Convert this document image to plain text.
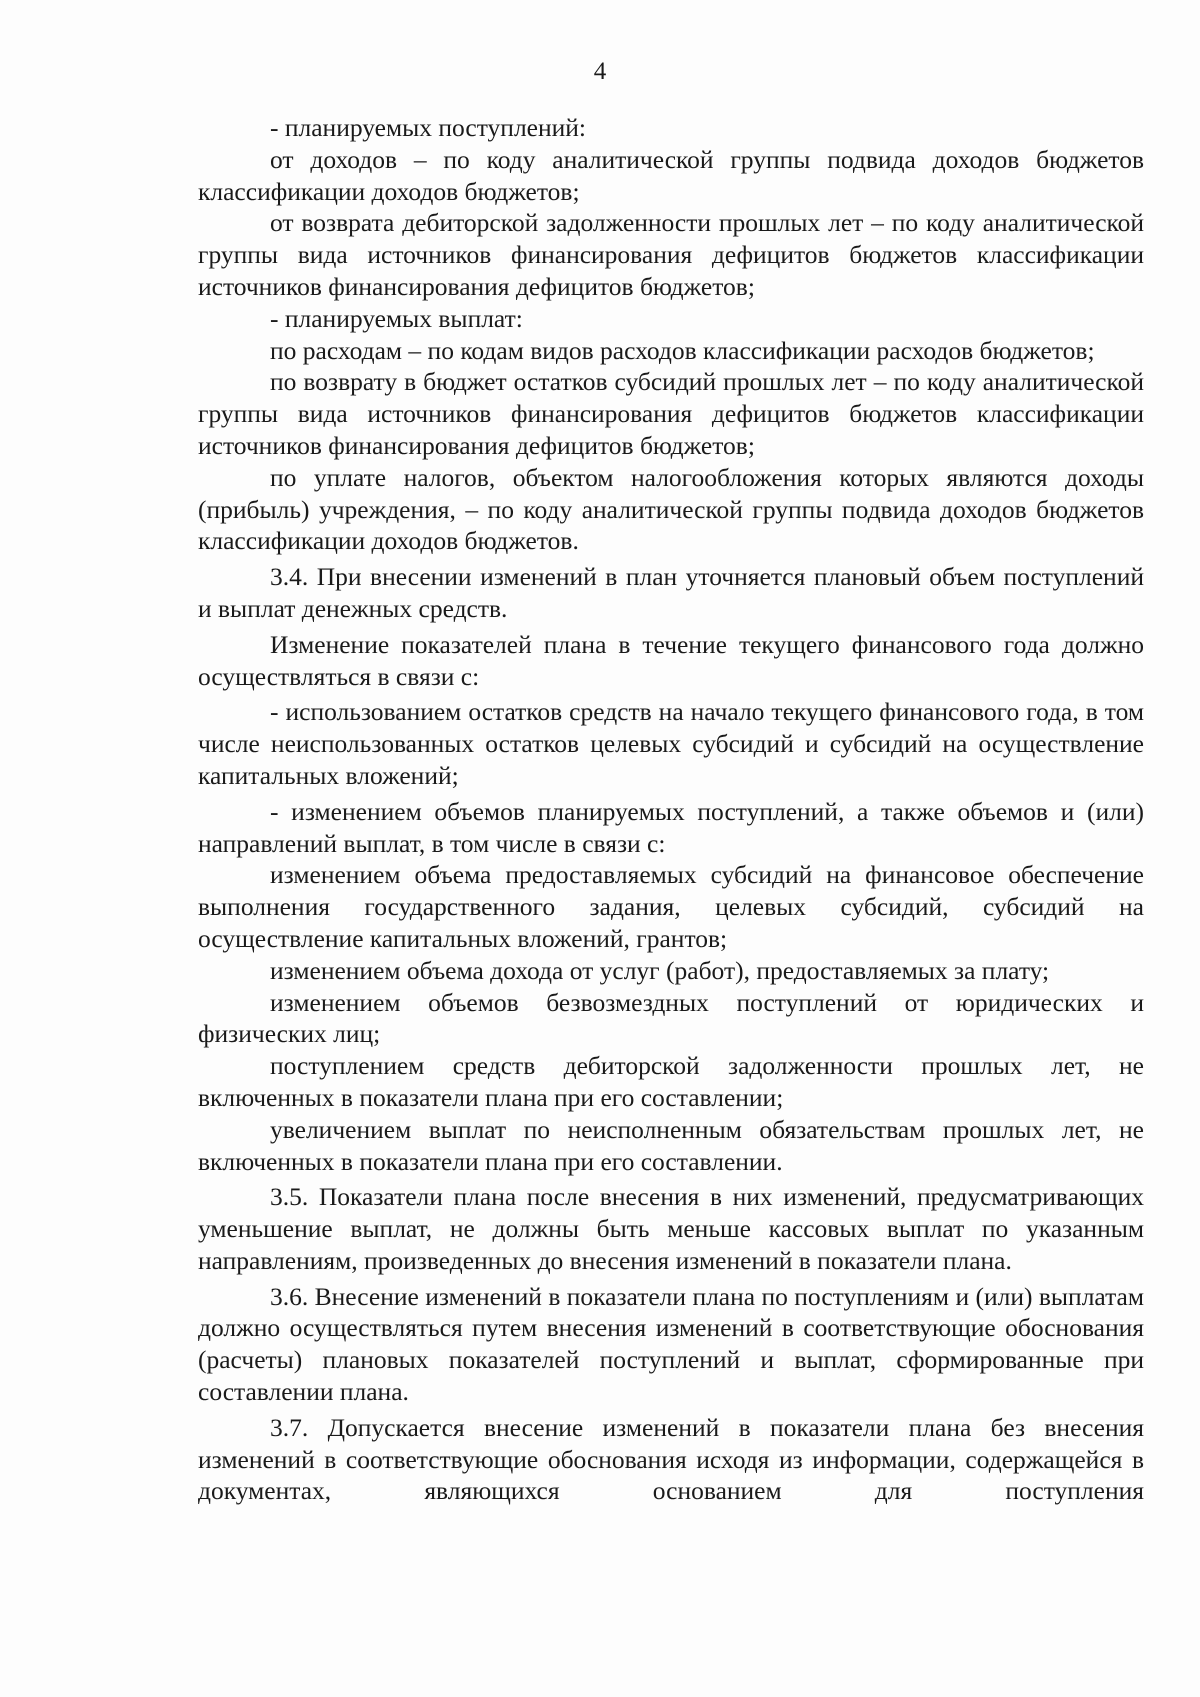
4

- планируемых поступлений:

от доходов – по коду аналитической группы подвида доходов бюджетов классификации доходов бюджетов;

от возврата дебиторской задолженности прошлых лет – по коду аналитической группы вида источников финансирования дефицитов бюджетов классификации источников финансирования дефицитов бюджетов;

- планируемых выплат:

по расходам – по кодам видов расходов классификации расходов бюджетов;

по возврату в бюджет остатков субсидий прошлых лет – по коду аналитической группы вида источников финансирования дефицитов бюджетов классификации источников финансирования дефицитов бюджетов;

по уплате налогов, объектом налогообложения которых являются доходы (прибыль) учреждения, – по коду аналитической группы подвида доходов бюджетов классификации доходов бюджетов.

3.4. При внесении изменений в план уточняется плановый объем поступлений и выплат денежных средств.

Изменение показателей плана в течение текущего финансового года должно осуществляться в связи с:

- использованием остатков средств на начало текущего финансового года, в том числе неиспользованных остатков целевых субсидий и субсидий на осуществление капитальных вложений;

- изменением объемов планируемых поступлений, а также объемов и (или) направлений выплат, в том числе в связи с:

изменением объема предоставляемых субсидий на финансовое обеспечение выполнения государственного задания, целевых субсидий, субсидий на осуществление капитальных вложений, грантов;

изменением объема дохода от услуг (работ), предоставляемых за плату;

изменением объемов безвозмездных поступлений от юридических и физических лиц;

поступлением средств дебиторской задолженности прошлых лет, не включенных в показатели плана при его составлении;

увеличением выплат по неисполненным обязательствам прошлых лет, не включенных в показатели плана при его составлении.

3.5. Показатели плана после внесения в них изменений, предусматривающих уменьшение выплат, не должны быть меньше кассовых выплат по указанным направлениям, произведенных до внесения изменений в показатели плана.

3.6. Внесение изменений в показатели плана по поступлениям и (или) выплатам должно осуществляться путем внесения изменений в соответствующие обоснования (расчеты) плановых показателей поступлений и выплат, сформированные при составлении плана.

3.7. Допускается внесение изменений в показатели плана без внесения изменений в соответствующие обоснования исходя из информации, содержащейся в документах, являющихся основанием для поступления
